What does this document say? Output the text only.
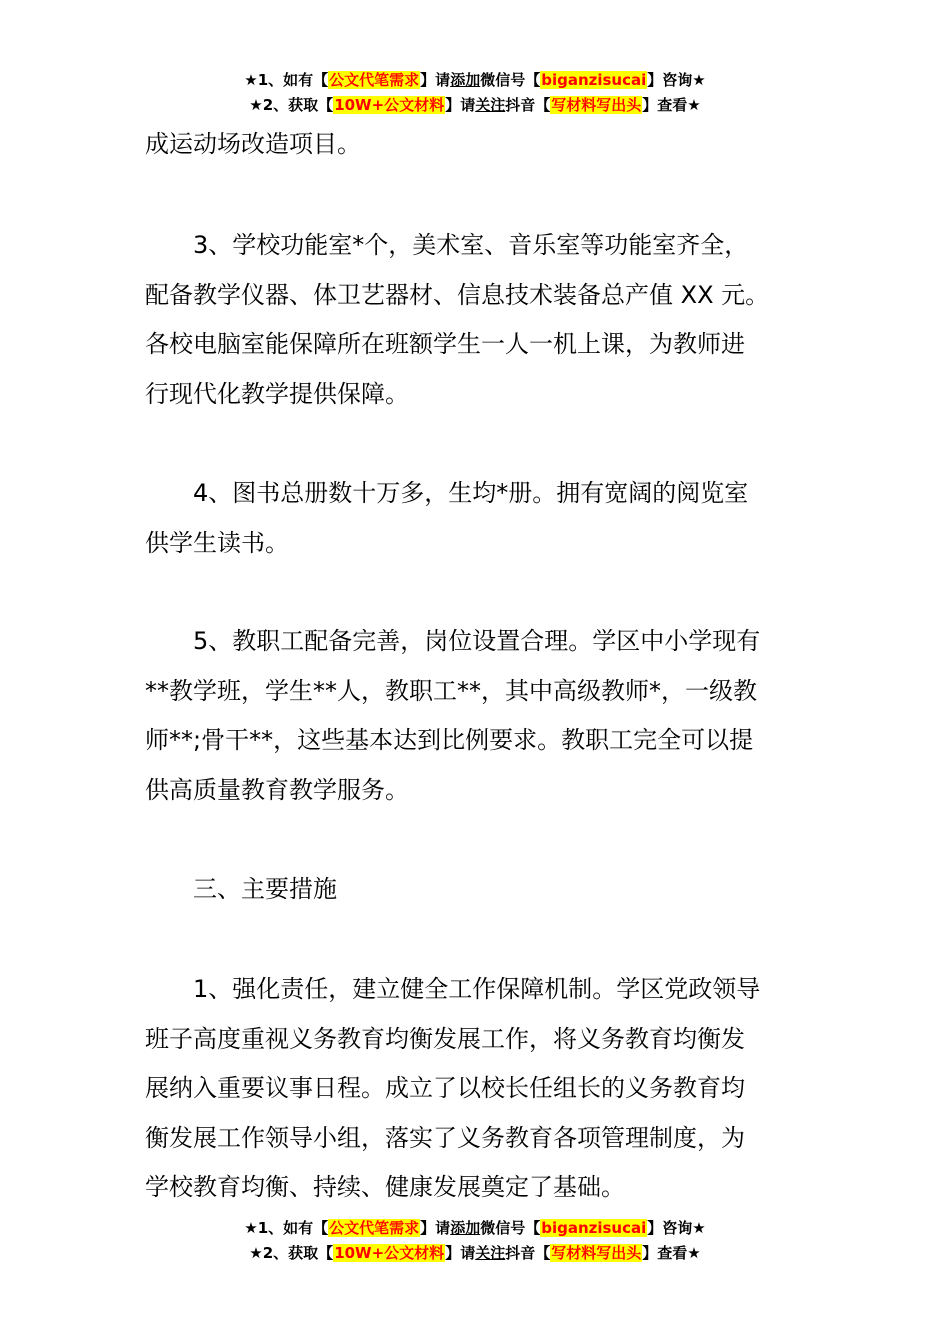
★1、如有【公文代笔需求】请添加微信号【biganzisucai】咨询★
★2、获取【10W+公文材料】请关注抖音【写材料写出头】查看★

成运动场改造项目。

3、学校功能室*个，美术室、音乐室等功能室齐全，

配备教学仪器、体卫艺器材、信息技术装备总产值 XX 元。

各校电脑室能保障所在班额学生一人一机上课，为教师进

行现代化教学提供保障。

4、图书总册数十万多，生均*册。拥有宽阔的阅览室

供学生读书。

5、教职工配备完善，岗位设置合理。学区中小学现有

**教学班，学生**人，教职工**，其中高级教师*，一级教

师**;骨干**，这些基本达到比例要求。教职工完全可以提

供高质量教育教学服务。

三、主要措施

1、强化责任，建立健全工作保障机制。学区党政领导

班子高度重视义务教育均衡发展工作，将义务教育均衡发

展纳入重要议事日程。成立了以校长任组长的义务教育均

衡发展工作领导小组，落实了义务教育各项管理制度，为

学校教育均衡、持续、健康发展奠定了基础。

★1、如有【公文代笔需求】请添加微信号【biganzisucai】咨询★
★2、获取【10W+公文材料】请关注抖音【写材料写出头】查看★
